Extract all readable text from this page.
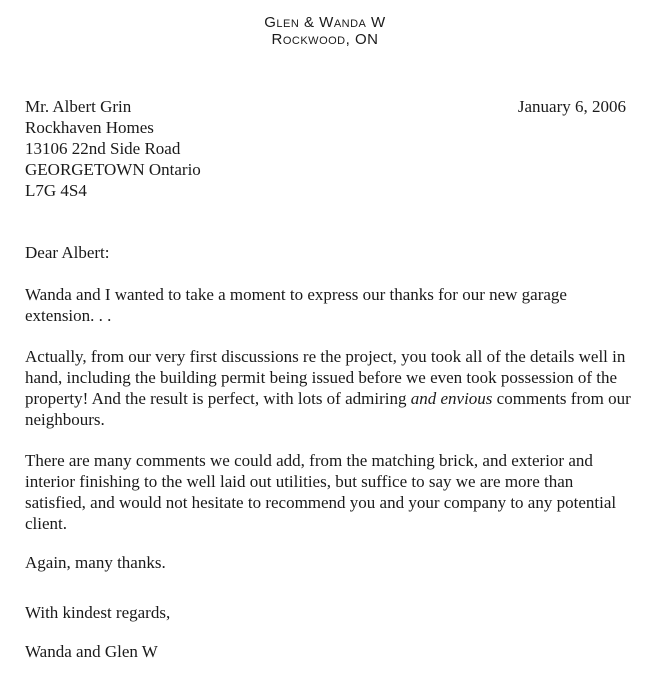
Glen & Wanda W
Rockwood, ON
January 6, 2006
Mr. Albert Grin
Rockhaven Homes
13106 22nd Side Road
GEORGETOWN Ontario
L7G 4S4

Dear Albert:

Wanda and I wanted to take a moment to express our thanks for our new garage extension. . .

Actually, from our very first discussions re the project, you took all of the details well in hand, including the building permit being issued before we even took possession of the property! And the result is perfect, with lots of admiring and envious comments from our neighbours.

There are many comments we could add, from the matching brick, and exterior and interior finishing to the well laid out utilities, but suffice to say we are more than satisfied, and would not hesitate to recommend you and your company to any potential client.

Again, many thanks.

With kindest regards,

Wanda and Glen W
